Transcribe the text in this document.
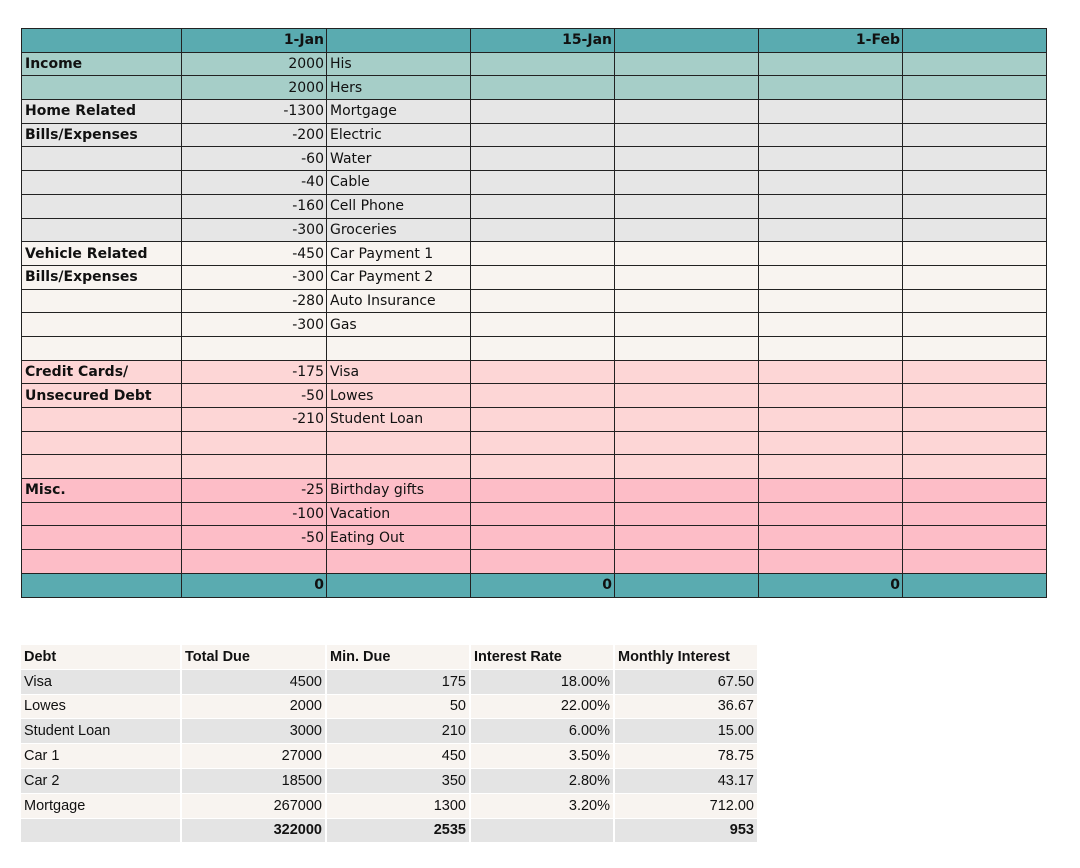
	1-Jan		15-Jan		1-Feb	
Income	2000	His				
	2000	Hers				
Home Related	-1300	Mortgage				
Bills/Expenses	-200	Electric				
	-60	Water				
	-40	Cable				
	-160	Cell Phone				
	-300	Groceries				
Vehicle Related	-450	Car Payment 1				
Bills/Expenses	-300	Car Payment 2				
	-280	Auto Insurance				
	-300	Gas				

Credit Cards/	-175	Visa				
Unsecured Debt	-50	Lowes				
	-210	Student Loan				

Misc.	-25	Birthday gifts				
	-100	Vacation				
	-50	Eating Out				

	0		0		0	
Debt	Total Due	Min. Due	Interest Rate	Monthly Interest
Visa	4500	175	18.00%	67.50
Lowes	2000	50	22.00%	36.67
Student Loan	3000	210	6.00%	15.00
Car 1	27000	450	3.50%	78.75
Car 2	18500	350	2.80%	43.17
Mortgage	267000	1300	3.20%	712.00
	322000	2535		953
